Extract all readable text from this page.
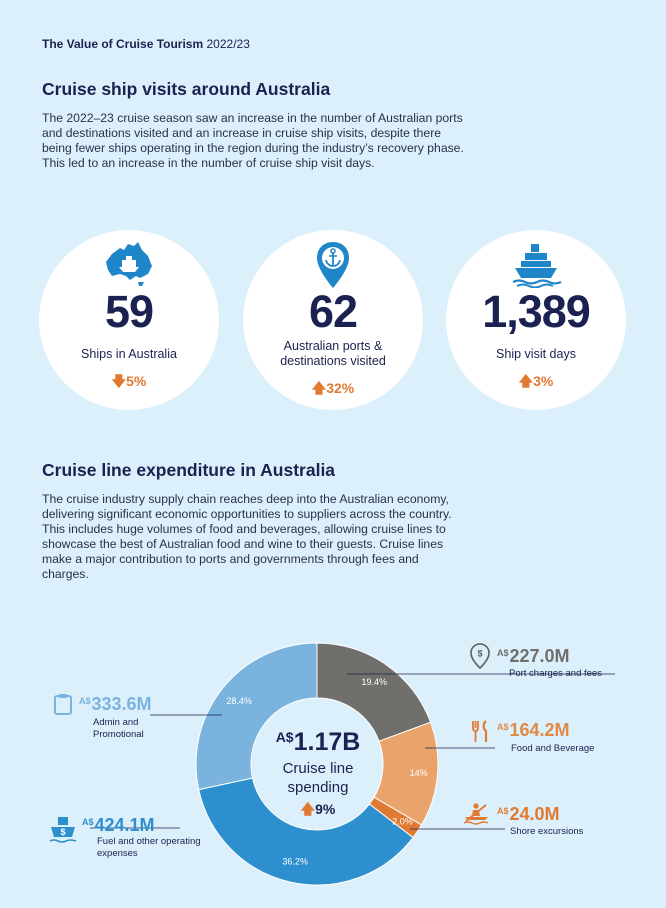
The Value of Cruise Tourism 2022/23
Cruise ship visits around Australia
The 2022–23 cruise season saw an increase in the number of Australian ports and destinations visited and an increase in cruise ship visits, despite there being fewer ships operating in the region during the industry’s recovery phase. This led to an increase in the number of cruise ship visit days.
59
Ships in Australia
🡇5%
62
Australian ports & destinations visited
🡅32%
1,389
Ship visit days
🡅3%
Cruise line expenditure in Australia
The cruise industry supply chain reaches deep into the Australian economy, delivering significant economic opportunities to suppliers across the country. This includes huge volumes of food and beverages, allowing cruise lines to showcase the best of Australian food and wine to their guests. Cruise lines make a major contribution to ports and governments through fees and charges.
19.4%
14%
2.0%
36.2%
28.4%
$^{A\$}$1.17B
Cruise line spending
🡅9%
$ $^{A\$}$227.0M
Port charges and fees
$^{A\$}$164.2M
Food and Beverage
$^{A\$}$24.0M
Shore excursions
$
$^{A\$}$424.1M
Fuel and other operating expenses
$^{A\$}$333.6M
Admin and Promotional
